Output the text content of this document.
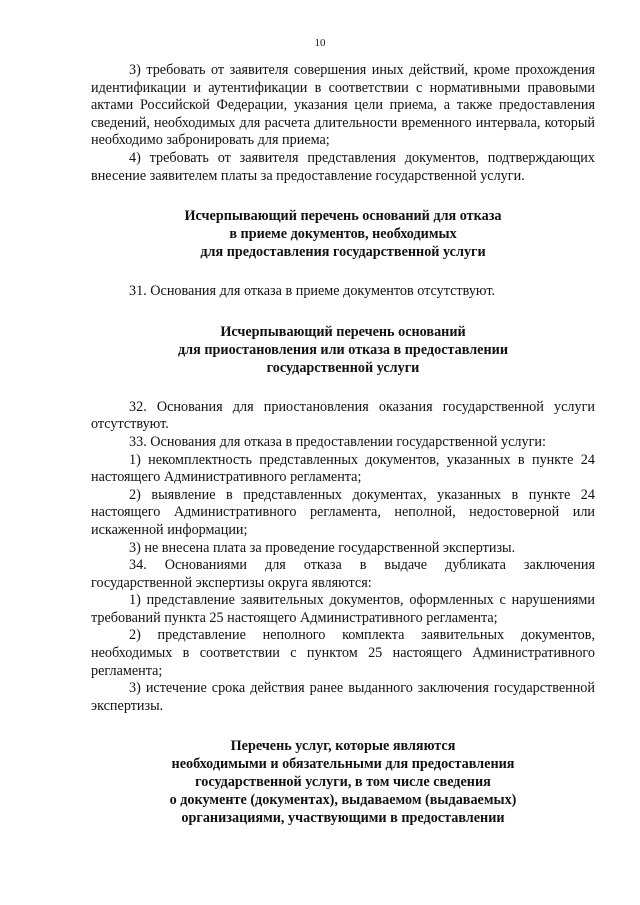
10

3) требовать от заявителя совершения иных действий, кроме прохождения идентификации и аутентификации в соответствии с нормативными правовыми актами Российской Федерации, указания цели приема, а также предоставления сведений, необходимых для расчета длительности временного интервала, который необходимо забронировать для приема;

4) требовать от заявителя представления документов, подтверждающих внесение заявителем платы за предоставление государственной услуги.

Исчерпывающий перечень оснований для отказа
в приеме документов, необходимых
для предоставления государственной услуги

31. Основания для отказа в приеме документов отсутствуют.

Исчерпывающий перечень оснований
для приостановления или отказа в предоставлении
государственной услуги

32. Основания для приостановления оказания государственной услуги отсутствуют.

33. Основания для отказа в предоставлении государственной услуги:

1) некомплектность представленных документов, указанных в пункте 24 настоящего Административного регламента;

2) выявление в представленных документах, указанных в пункте 24 настоящего Административного регламента, неполной, недостоверной или искаженной информации;

3) не внесена плата за проведение государственной экспертизы.

34. Основаниями для отказа в выдаче дубликата заключения государственной экспертизы округа являются:

1) представление заявительных документов, оформленных с нарушениями требований пункта 25 настоящего Административного регламента;

2) представление неполного комплекта заявительных документов, необходимых в соответствии с пунктом 25 настоящего Административного регламента;

3) истечение срока действия ранее выданного заключения государственной экспертизы.

Перечень услуг, которые являются
необходимыми и обязательными для предоставления
государственной услуги, в том числе сведения
о документе (документах), выдаваемом (выдаваемых)
организациями, участвующими в предоставлении
